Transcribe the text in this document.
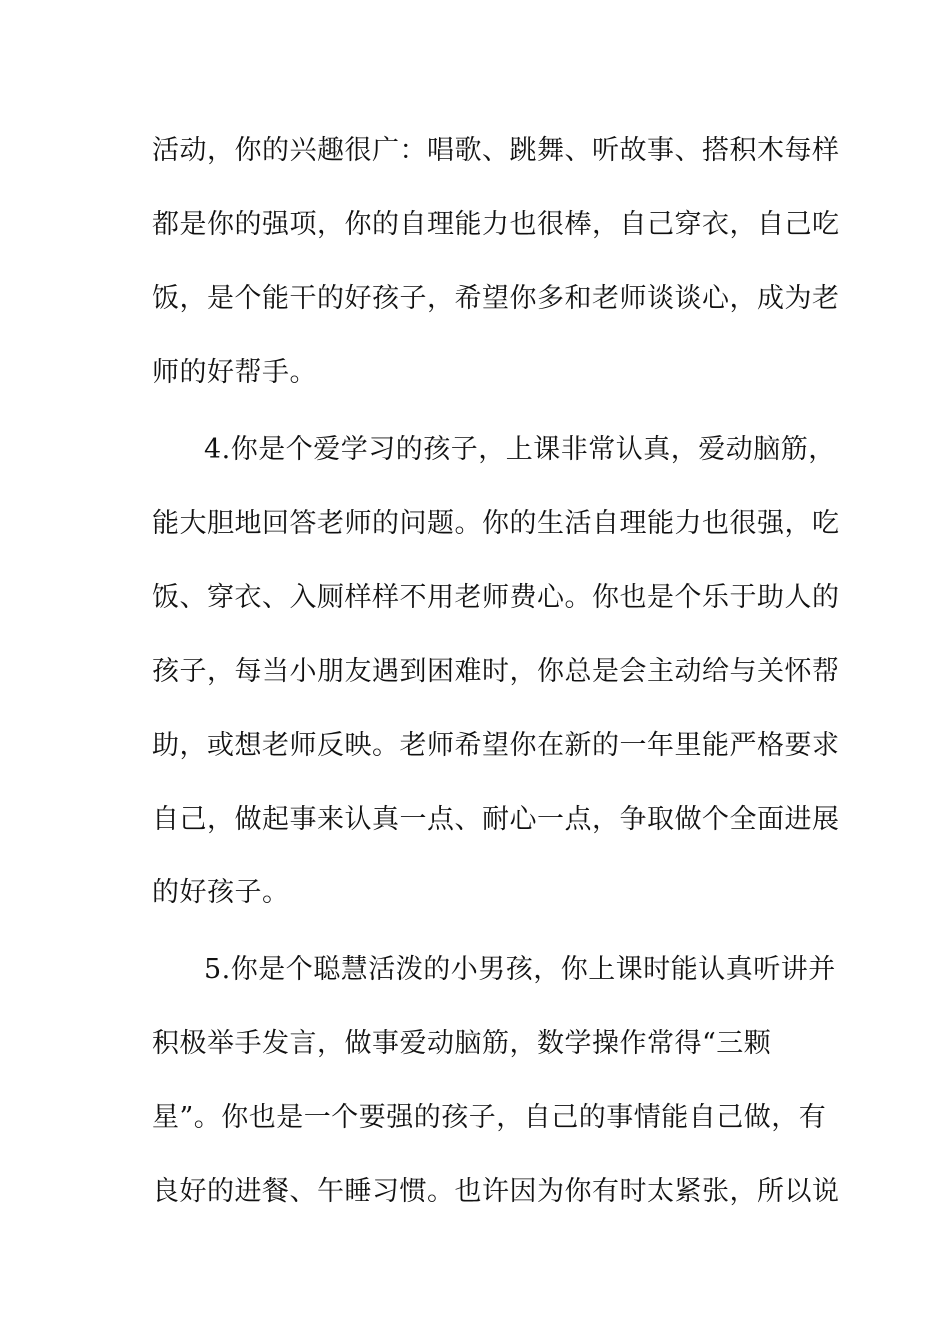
活动，你的兴趣很广：唱歌、跳舞、听故事、搭积木每样
都是你的强项，你的自理能力也很棒，自己穿衣，自己吃
饭，是个能干的好孩子，希望你多和老师谈谈心，成为老
师的好帮手。
4.你是个爱学习的孩子，上课非常认真，爱动脑筋，
能大胆地回答老师的问题。你的生活自理能力也很强，吃
饭、穿衣、入厕样样不用老师费心。你也是个乐于助人的
孩子，每当小朋友遇到困难时，你总是会主动给与关怀帮
助，或想老师反映。老师希望你在新的一年里能严格要求
自己，做起事来认真一点、耐心一点，争取做个全面进展
的好孩子。
5.你是个聪慧活泼的小男孩，你上课时能认真听讲并
积极举手发言，做事爱动脑筋，数学操作常得“三颗
星”。你也是一个要强的孩子，自己的事情能自己做，有
良好的进餐、午睡习惯。也许因为你有时太紧张，所以说
